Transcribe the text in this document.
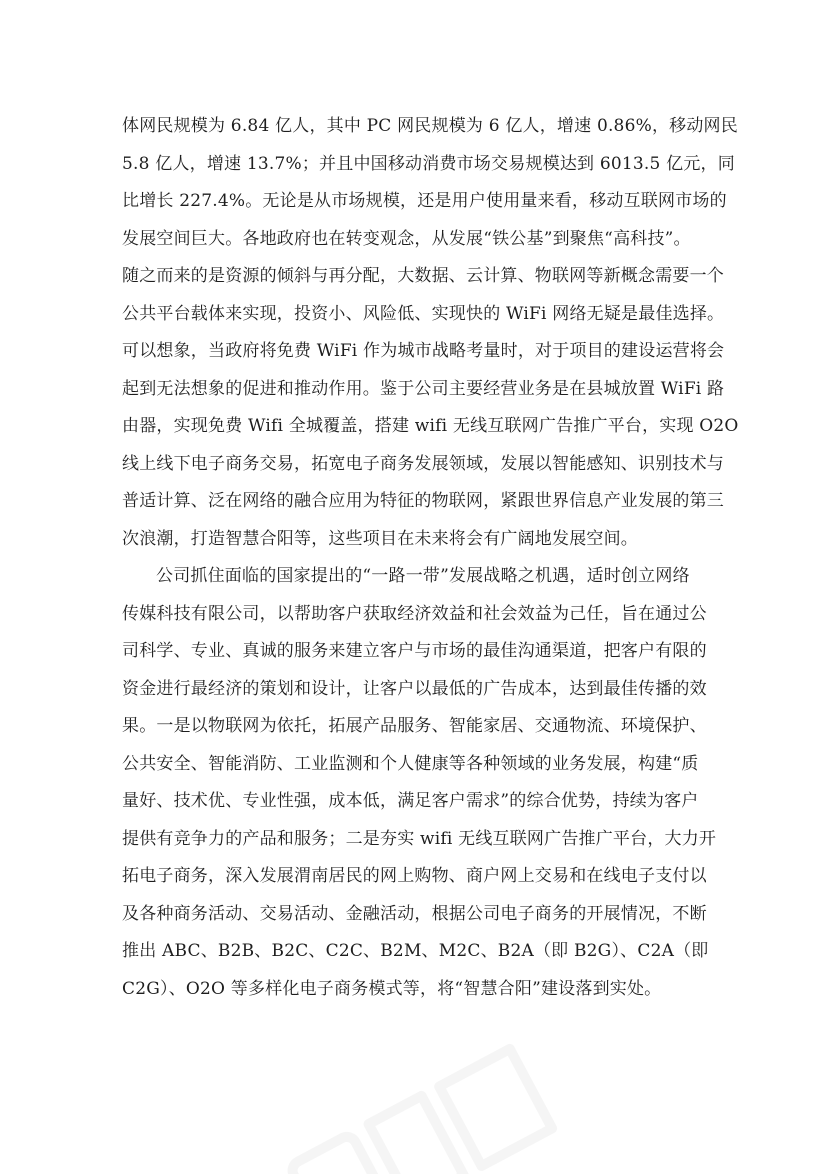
体网民规模为 6.84 亿人，其中 PC 网民规模为 6 亿人，增速 0.86%，移动网民
5.8 亿人，增速 13.7%；并且中国移动消费市场交易规模达到 6013.5 亿元，同
比增长 227.4%。无论是从市场规模，还是用户使用量来看，移动互联网市场的
发展空间巨大。各地政府也在转变观念，从发展“铁公基”到聚焦“高科技”。
随之而来的是资源的倾斜与再分配，大数据、云计算、物联网等新概念需要一个
公共平台载体来实现，投资小、风险低、实现快的 WiFi 网络无疑是最佳选择。
可以想象，当政府将免费 WiFi 作为城市战略考量时，对于项目的建设运营将会
起到无法想象的促进和推动作用。鉴于公司主要经营业务是在县城放置 WiFi 路
由器，实现免费 Wifi 全城覆盖，搭建 wifi 无线互联网广告推广平台，实现 O2O
线上线下电子商务交易，拓宽电子商务发展领域，发展以智能感知、识别技术与
普适计算、泛在网络的融合应用为特征的物联网，紧跟世界信息产业发展的第三
次浪潮，打造智慧合阳等，这些项目在未来将会有广阔地发展空间。
公司抓住面临的国家提出的“一路一带”发展战略之机遇，适时创立网络
传媒科技有限公司，以帮助客户获取经济效益和社会效益为己任，旨在通过公
司科学、专业、真诚的服务来建立客户与市场的最佳沟通渠道，把客户有限的
资金进行最经济的策划和设计，让客户以最低的广告成本，达到最佳传播的效
果。一是以物联网为依托，拓展产品服务、智能家居、交通物流、环境保护、
公共安全、智能消防、工业监测和个人健康等各种领域的业务发展，构建“质
量好、技术优、专业性强，成本低，满足客户需求”的综合优势，持续为客户
提供有竞争力的产品和服务；二是夯实 wifi 无线互联网广告推广平台，大力开
拓电子商务，深入发展渭南居民的网上购物、商户网上交易和在线电子支付以
及各种商务活动、交易活动、金融活动，根据公司电子商务的开展情况，不断
推出 ABC、B2B、B2C、C2C、B2M、M2C、B2A（即 B2G）、C2A（即
C2G）、O2O 等多样化电子商务模式等，将“智慧合阳”建设落到实处。
